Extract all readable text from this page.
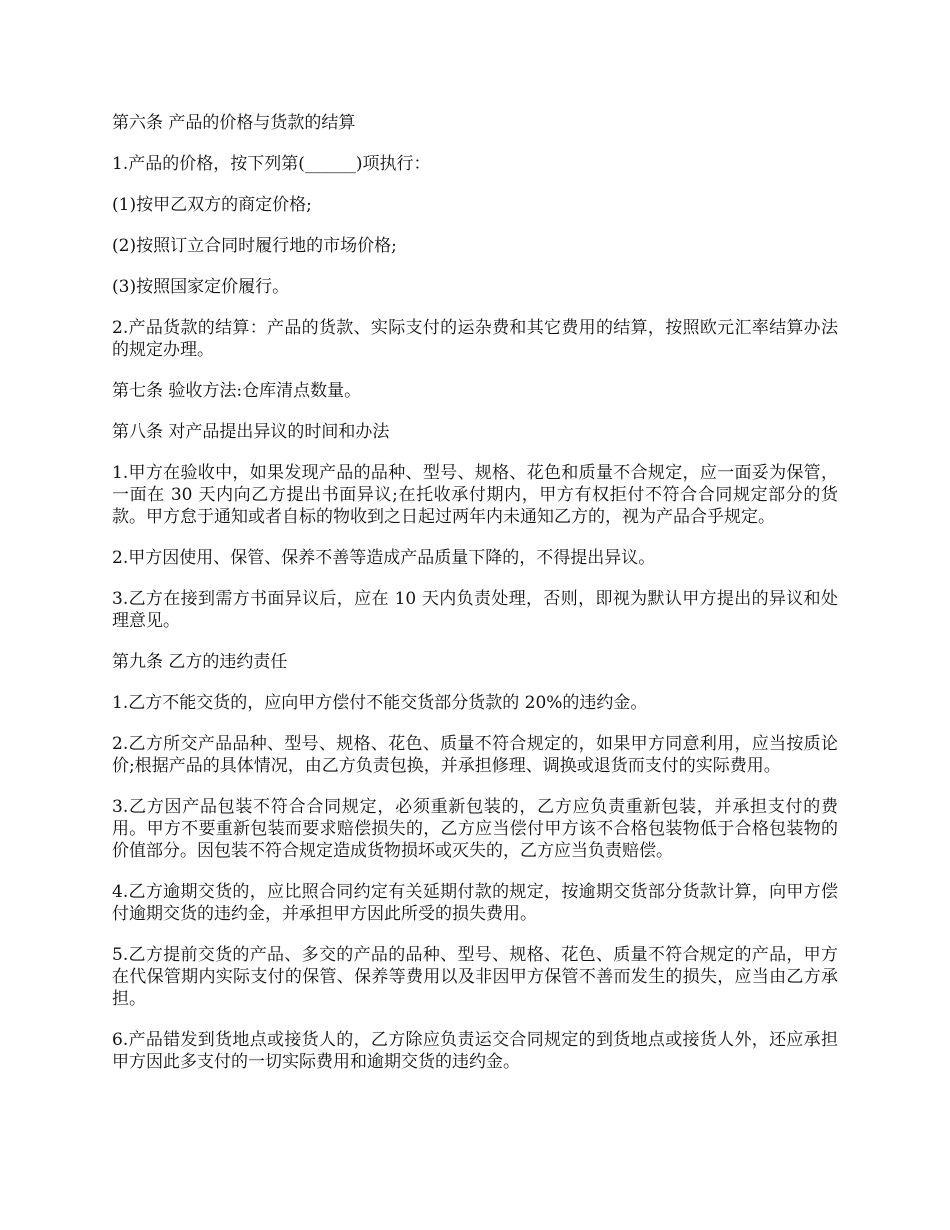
第六条 产品的价格与货款的结算

1.产品的价格，按下列第(______)项执行：

(1)按甲乙双方的商定价格;

(2)按照订立合同时履行地的市场价格;

(3)按照国家定价履行。

2.产品货款的结算：产品的货款、实际支付的运杂费和其它费用的结算，按照欧元汇率结算办法的规定办理。

第七条 验收方法:仓库清点数量。

第八条 对产品提出异议的时间和办法

1.甲方在验收中，如果发现产品的品种、型号、规格、花色和质量不合规定，应一面妥为保管，一面在 30 天内向乙方提出书面异议;在托收承付期内，甲方有权拒付不符合合同规定部分的货款。甲方怠于通知或者自标的物收到之日起过两年内未通知乙方的，视为产品合乎规定。

2.甲方因使用、保管、保养不善等造成产品质量下降的，不得提出异议。

3.乙方在接到需方书面异议后，应在 10 天内负责处理，否则，即视为默认甲方提出的异议和处理意见。

第九条 乙方的违约责任

1.乙方不能交货的，应向甲方偿付不能交货部分货款的 20%的违约金。

2.乙方所交产品品种、型号、规格、花色、质量不符合规定的，如果甲方同意利用，应当按质论价;根据产品的具体情况，由乙方负责包换，并承担修理、调换或退货而支付的实际费用。

3.乙方因产品包装不符合合同规定，必须重新包装的，乙方应负责重新包装，并承担支付的费用。甲方不要重新包装而要求赔偿损失的，乙方应当偿付甲方该不合格包装物低于合格包装物的价值部分。因包装不符合规定造成货物损坏或灭失的，乙方应当负责赔偿。

4.乙方逾期交货的，应比照合同约定有关延期付款的规定，按逾期交货部分货款计算，向甲方偿付逾期交货的违约金，并承担甲方因此所受的损失费用。

5.乙方提前交货的产品、多交的产品的品种、型号、规格、花色、质量不符合规定的产品，甲方在代保管期内实际支付的保管、保养等费用以及非因甲方保管不善而发生的损失，应当由乙方承担。

6.产品错发到货地点或接货人的，乙方除应负责运交合同规定的到货地点或接货人外，还应承担甲方因此多支付的一切实际费用和逾期交货的违约金。
